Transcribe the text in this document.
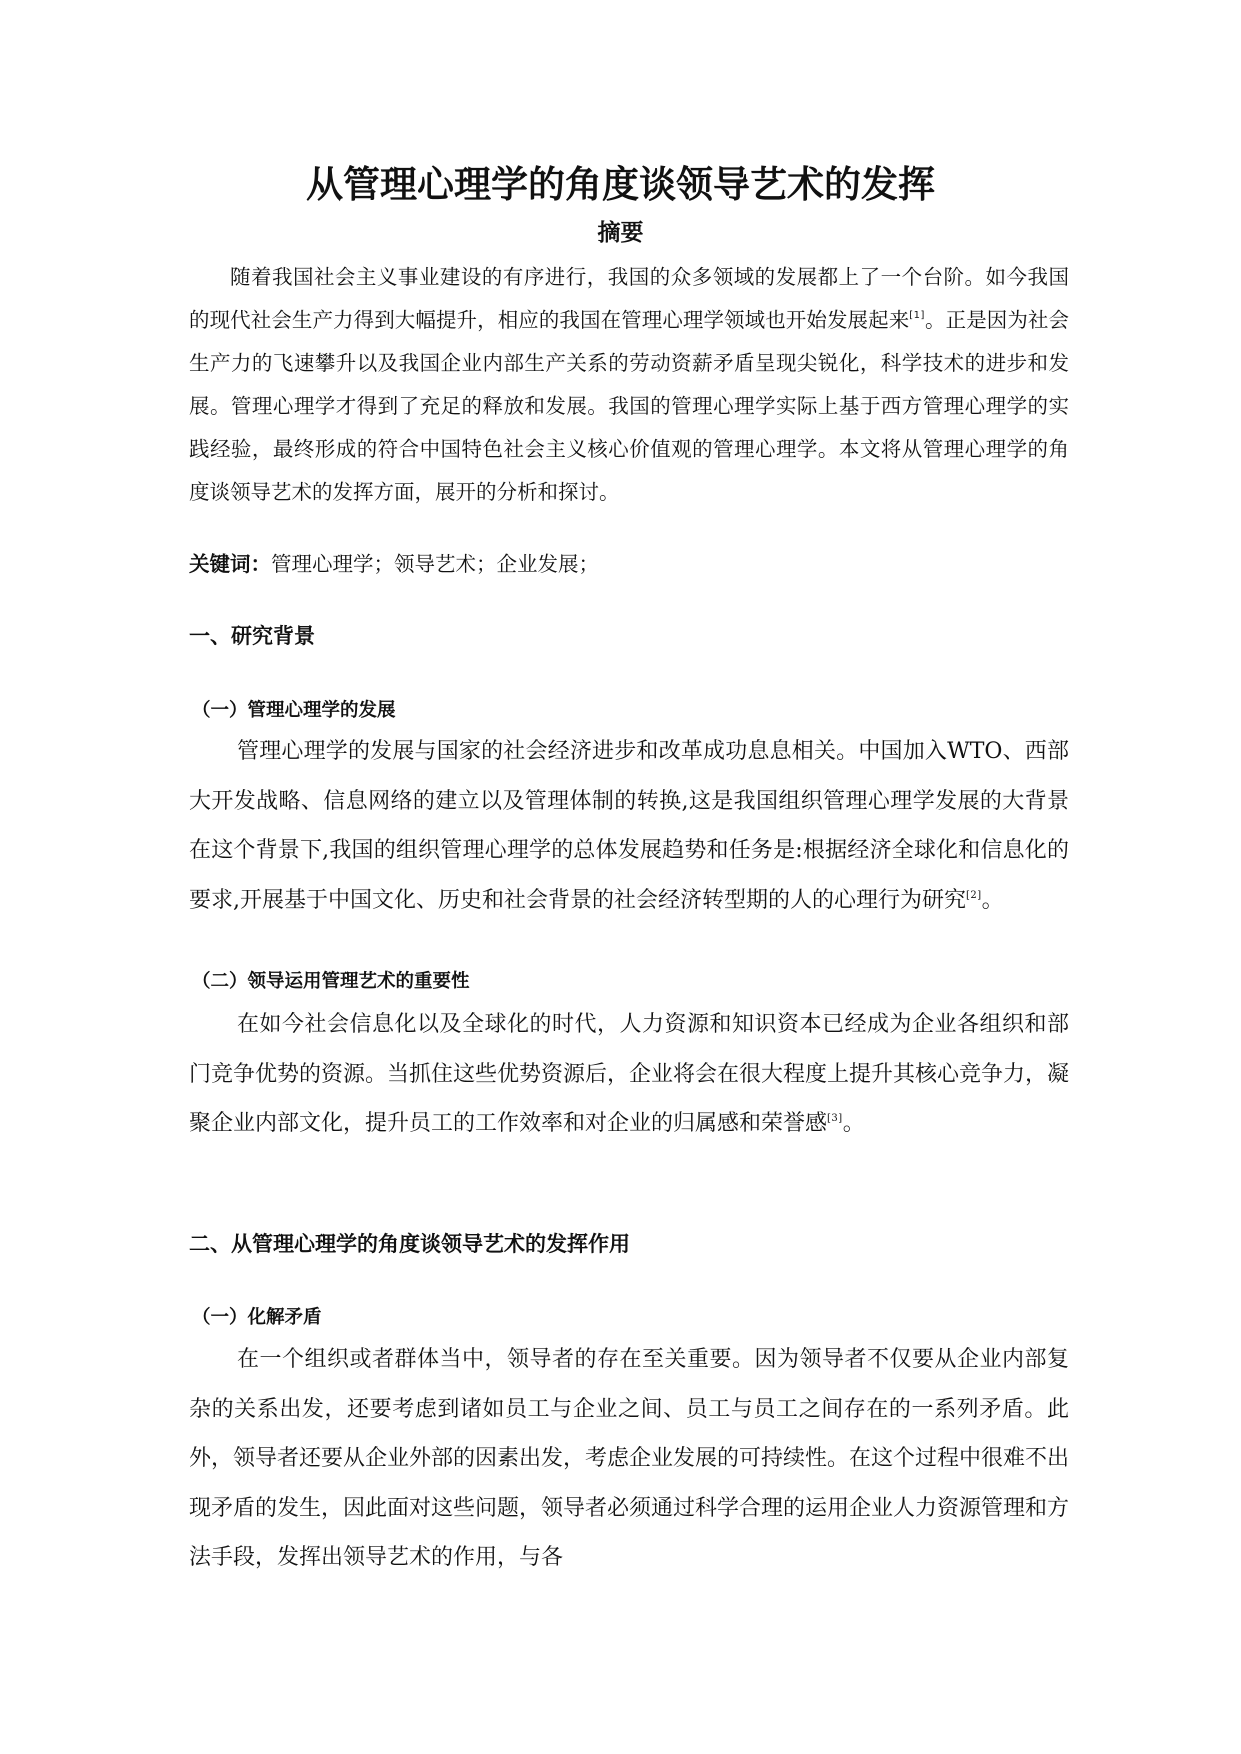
从管理心理学的角度谈领导艺术的发挥
摘要

随着我国社会主义事业建设的有序进行，我国的众多领域的发展都上了一个台阶。如今我国的现代社会生产力得到大幅提升，相应的我国在管理心理学领域也开始发展起来[1]。正是因为社会生产力的飞速攀升以及我国企业内部生产关系的劳动资薪矛盾呈现尖锐化，科学技术的进步和发展。管理心理学才得到了充足的释放和发展。我国的管理心理学实际上基于西方管理心理学的实践经验，最终形成的符合中国特色社会主义核心价值观的管理心理学。本文将从管理心理学的角度谈领导艺术的发挥方面，展开的分析和探讨。

关键词：管理心理学；领导艺术；企业发展；

一、研究背景
（一）管理心理学的发展

管理心理学的发展与国家的社会经济进步和改革成功息息相关。中国加入WTO、西部大开发战略、信息网络的建立以及管理体制的转换,这是我国组织管理心理学发展的大背景在这个背景下,我国的组织管理心理学的总体发展趋势和任务是:根据经济全球化和信息化的要求,开展基于中国文化、历史和社会背景的社会经济转型期的人的心理行为研究[2]。

（二）领导运用管理艺术的重要性

在如今社会信息化以及全球化的时代，人力资源和知识资本已经成为企业各组织和部门竞争优势的资源。当抓住这些优势资源后，企业将会在很大程度上提升其核心竞争力，凝聚企业内部文化，提升员工的工作效率和对企业的归属感和荣誉感[3]。

二、从管理心理学的角度谈领导艺术的发挥作用
（一）化解矛盾

在一个组织或者群体当中，领导者的存在至关重要。因为领导者不仅要从企业内部复杂的关系出发，还要考虑到诸如员工与企业之间、员工与员工之间存在的一系列矛盾。此外，领导者还要从企业外部的因素出发，考虑企业发展的可持续性。在这个过程中很难不出现矛盾的发生，因此面对这些问题，领导者必须通过科学合理的运用企业人力资源管理和方法手段，发挥出领导艺术的作用，与各
